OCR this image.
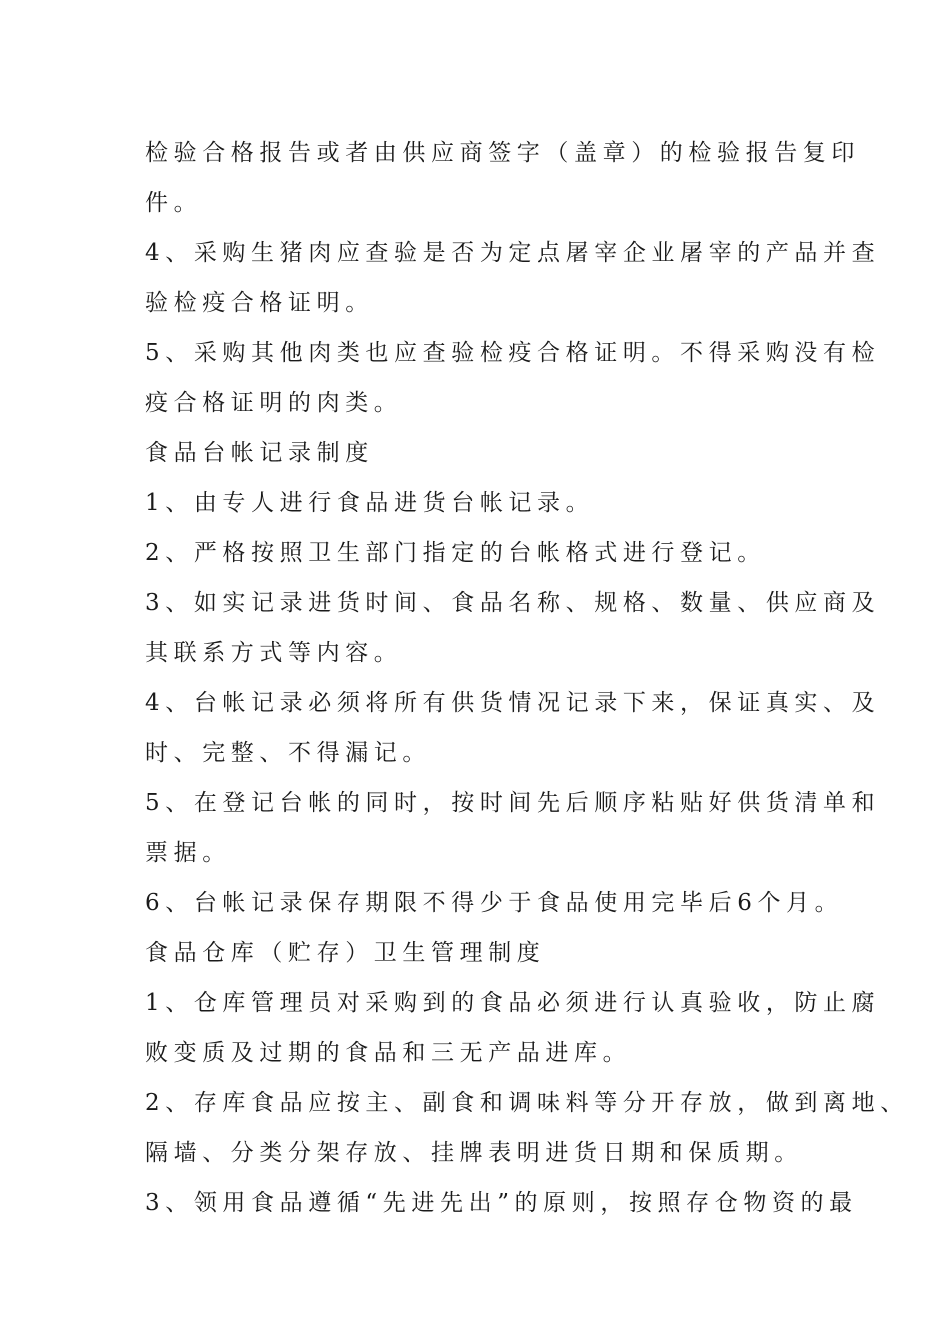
检验合格报告或者由供应商签字（盖章）的检验报告复印
件。
4、采购生猪肉应查验是否为定点屠宰企业屠宰的产品并查
验检疫合格证明。
5、采购其他肉类也应查验检疫合格证明。不得采购没有检
疫合格证明的肉类。
食品台帐记录制度
1、由专人进行食品进货台帐记录。
2、严格按照卫生部门指定的台帐格式进行登记。
3、如实记录进货时间、食品名称、规格、数量、供应商及
其联系方式等内容。
4、台帐记录必须将所有供货情况记录下来，保证真实、及
时、完整、不得漏记。
5、在登记台帐的同时，按时间先后顺序粘贴好供货清单和
票据。
6、台帐记录保存期限不得少于食品使用完毕后6个月。
食品仓库（贮存）卫生管理制度
1、仓库管理员对采购到的食品必须进行认真验收，防止腐
败变质及过期的食品和三无产品进库。
2、存库食品应按主、副食和调味料等分开存放，做到离地、
隔墙、分类分架存放、挂牌表明进货日期和保质期。
3、领用食品遵循“先进先出”的原则，按照存仓物资的最
